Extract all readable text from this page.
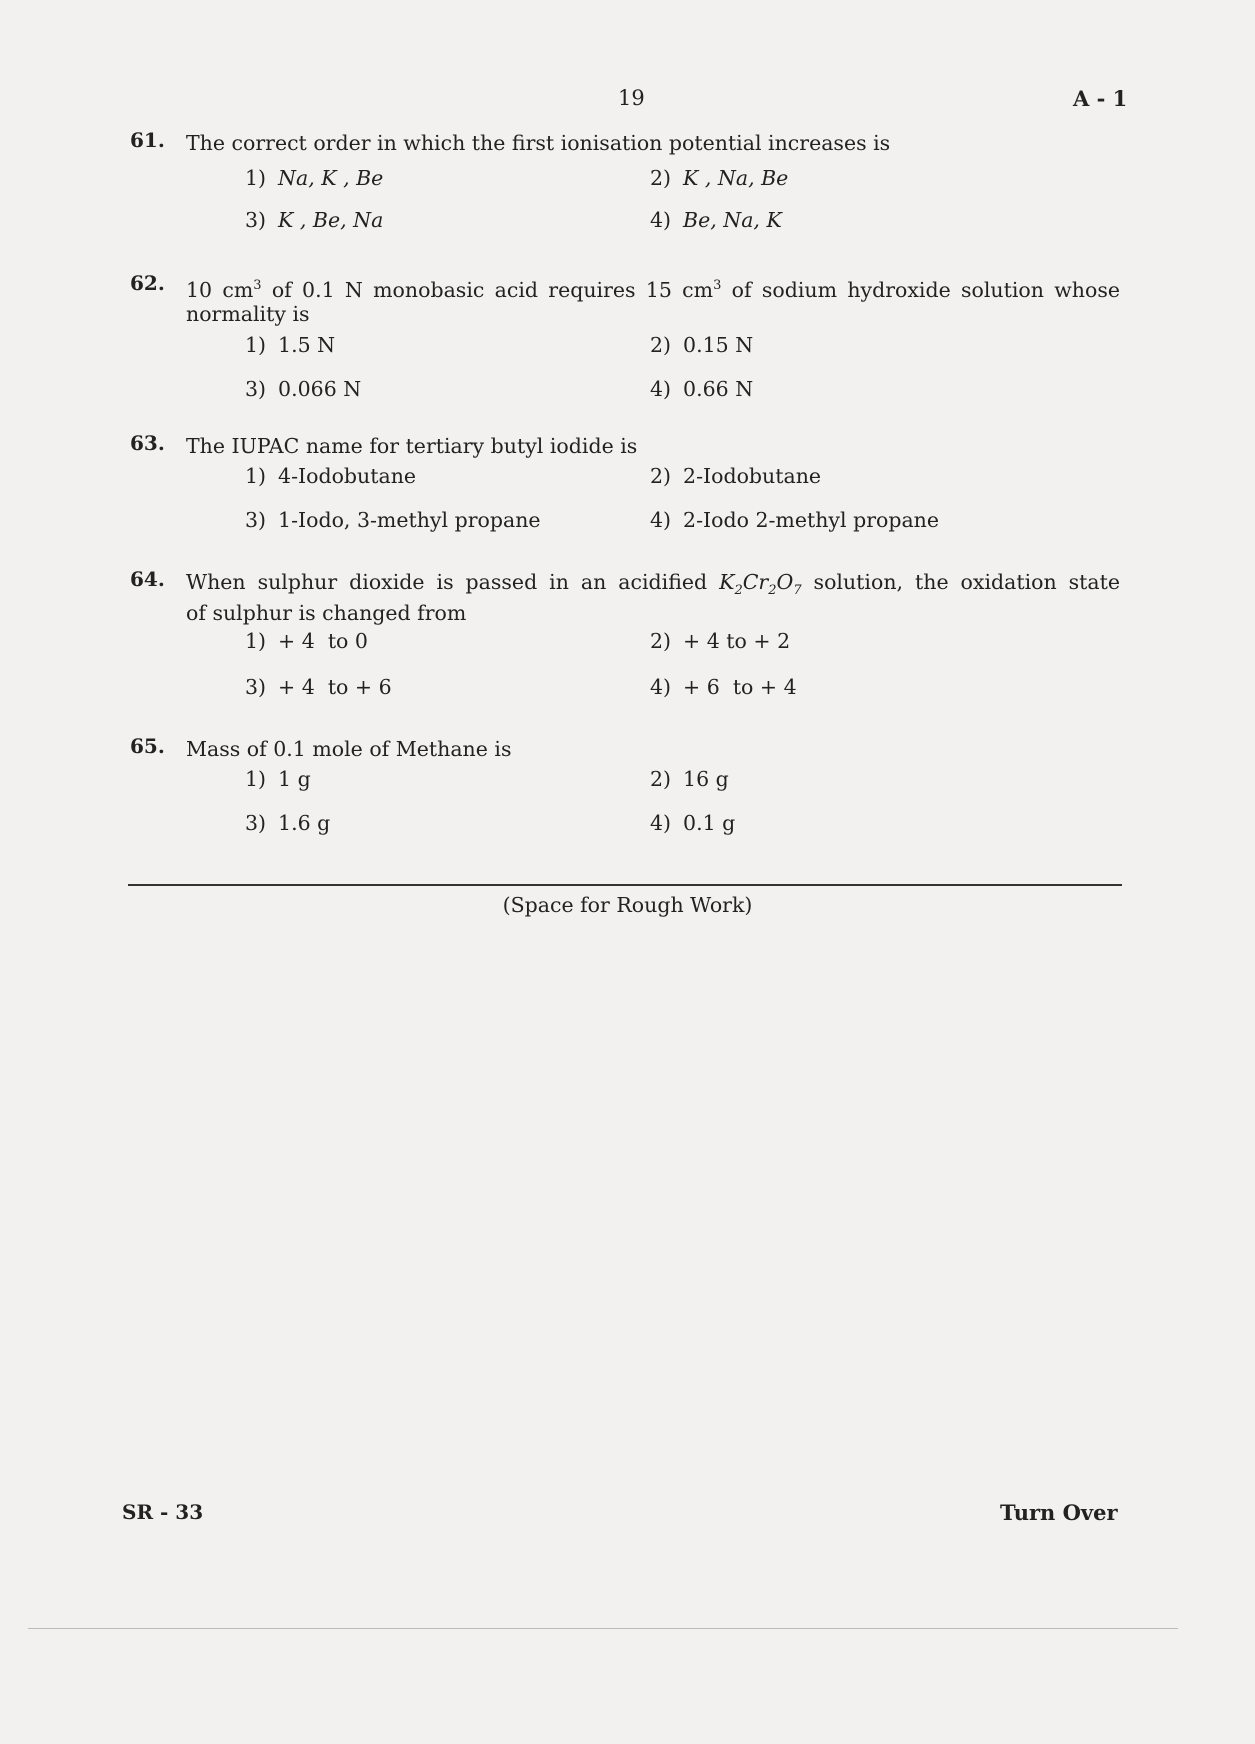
19	A - 1
61. The correct order in which the first ionisation potential increases is
1) Na, K , Be	2) K , Na, Be
3) K , Be, Na	4) Be, Na, K
62. 10 $cm^3$ of 0.1 N monobasic acid requires 15 $cm^3$ of sodium hydroxide solution whose
normality is
1) 1.5 N	2) 0.15 N
3) 0.066 N	4) 0.66 N
63. The IUPAC name for tertiary butyl iodide is
1) 4-Iodobutane	2) 2-Iodobutane
3) 1-Iodo, 3-methyl propane	4) 2-Iodo 2-methyl propane
64. When sulphur dioxide is passed in an acidified $K_2Cr_2O_7$ solution, the oxidation state
of sulphur is changed from
1) + 4  to 0	2) + 4 to + 2
3) + 4  to + 6	4) + 6  to + 4
65. Mass of 0.1 mole of Methane is
1) 1 g	2) 16 g
3) 1.6 g	4) 0.1 g
(Space for Rough Work)
SR - 33	Turn Over
